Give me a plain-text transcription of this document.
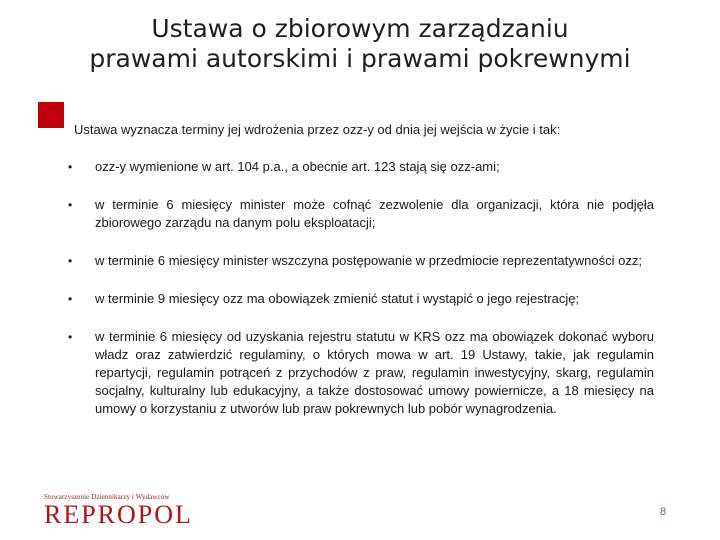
Ustawa o zbiorowym zarządzaniu
prawami autorskimi i prawami pokrewnymi
Ustawa wyznacza terminy jej wdrożenia przez ozz-y od dnia jej wejścia w życie i tak:
• ozz-y wymienione w art. 104 p.a., a obecnie art. 123 stają się ozz-ami;
• w terminie 6 miesięcy minister może cofnąć zezwolenie dla organizacji, która nie podjęła zbiorowego zarządu na danym polu eksploatacji;
• w terminie 6 miesięcy minister wszczyna postępowanie w przedmiocie reprezentatywności ozz;
• w terminie 9 miesięcy ozz ma obowiązek zmienić statut i wystąpić o jego rejestrację;
• w terminie 6 miesięcy od uzyskania rejestru statutu w KRS ozz ma obowiązek dokonać wyboru władz oraz zatwierdzić regulaminy, o których mowa w art. 19 Ustawy, takie, jak regulamin repartycji, regulamin potrąceń z przychodów z praw, regulamin inwestycyjny, skarg, regulamin socjalny, kulturalny lub edukacyjny, a także dostosować umowy powiernicze, a 18 miesięcy na umowy o korzystaniu z utworów lub praw pokrewnych lub pobór wynagrodzenia.
Stowarzyszenie Dziennikarzy i Wydawców
REPROPOL	8
